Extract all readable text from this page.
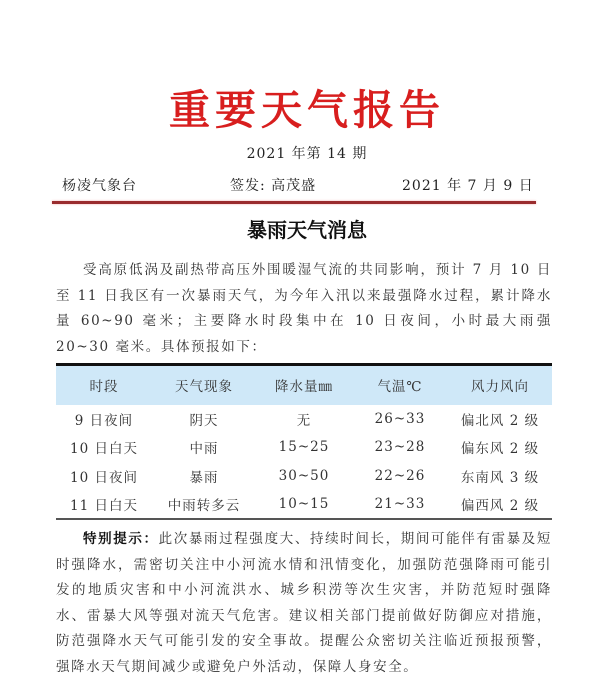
重要天气报告
2021 年第 14 期
杨凌气象台	签发: 高茂盛	2021 年 7 月 9 日
暴雨天气消息

受高原低涡及副热带高压外围暖湿气流的共同影响，预计 7 月 10 日至 11 日我区有一次暴雨天气，为今年入汛以来最强降水过程，累计降水量 60~90 毫米；主要降水时段集中在 10 日夜间，小时最大雨强 20~30 毫米。具体预报如下：

时段	天气现象	降水量㎜	气温℃	风力风向
9 日夜间	阴天	无	26~33	偏北风 2 级
10 日白天	中雨	15~25	23~28	偏东风 2 级
10 日夜间	暴雨	30~50	22~26	东南风 3 级
11 日白天	中雨转多云	10~15	21~33	偏西风 2 级

特别提示：此次暴雨过程强度大、持续时间长，期间可能伴有雷暴及短时强降水，需密切关注中小河流水情和汛情变化，加强防范强降雨可能引发的地质灾害和中小河流洪水、城乡积涝等次生灾害，并防范短时强降水、雷暴大风等强对流天气危害。建议相关部门提前做好防御应对措施，防范强降水天气可能引发的安全事故。提醒公众密切关注临近预报预警，强降水天气期间减少或避免户外活动，保障人身安全。
